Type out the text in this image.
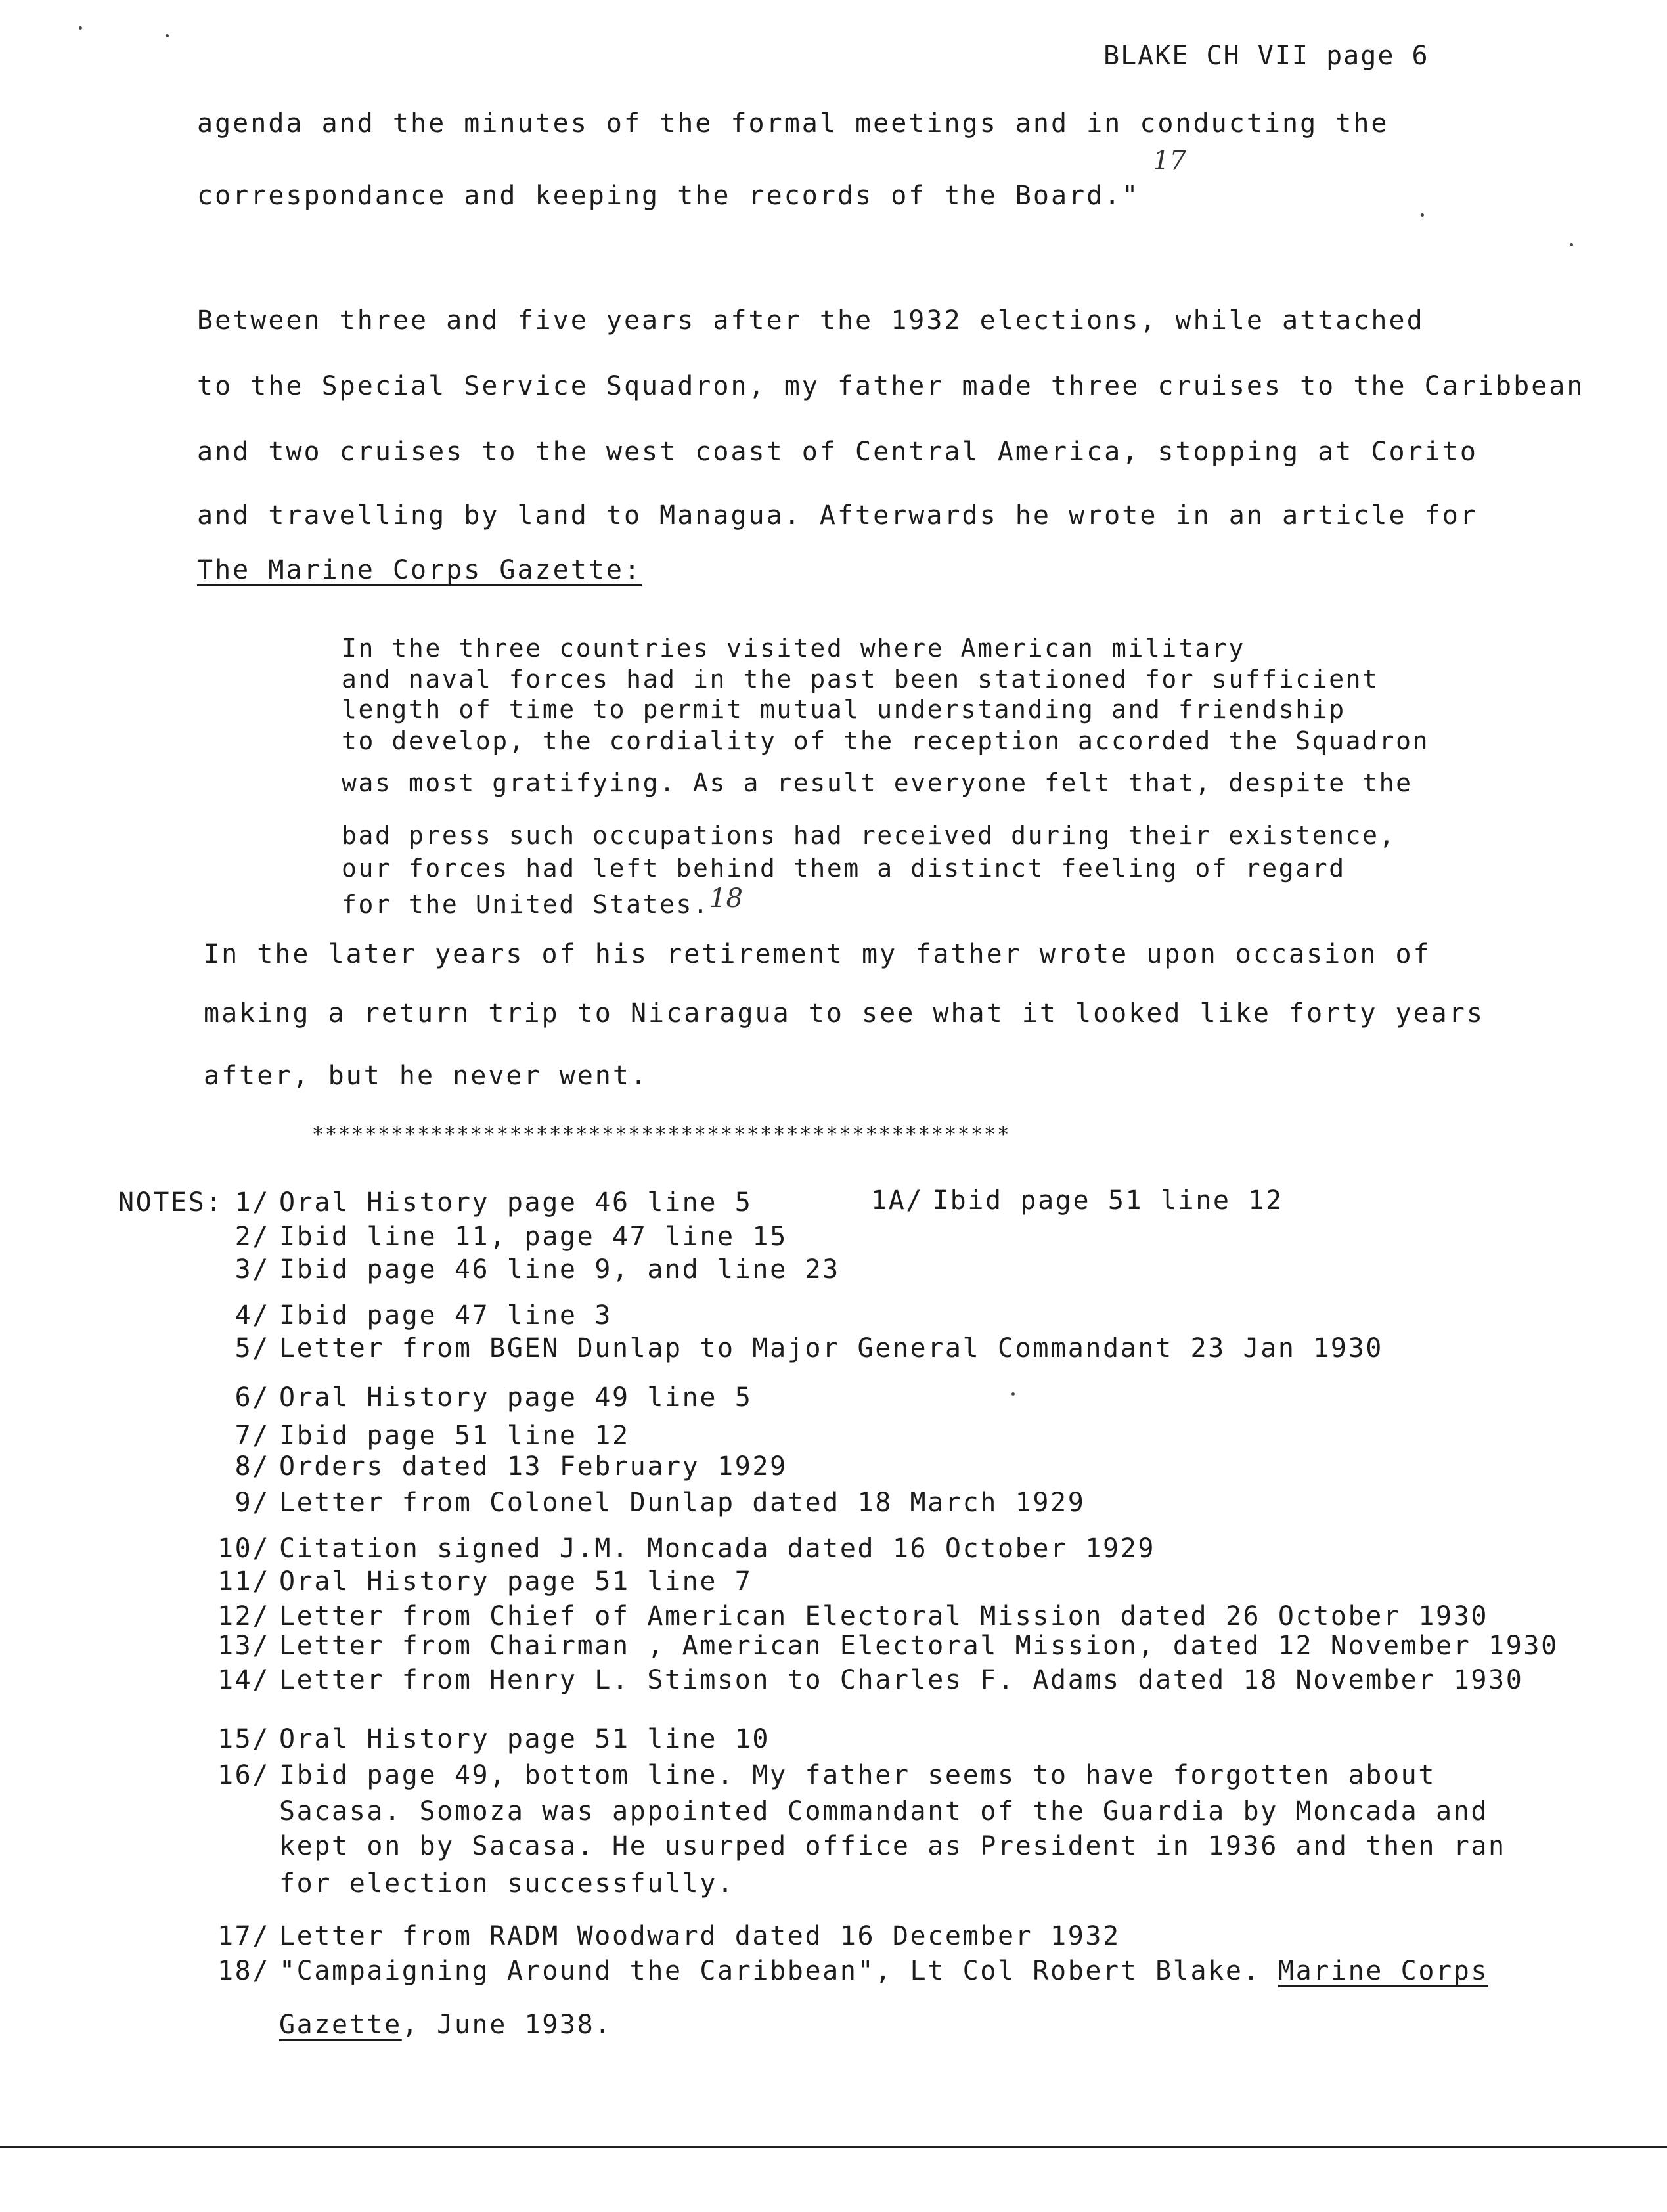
BLAKE CH VII page 6
agenda and the minutes of the formal meetings and in conducting the
correspondance and keeping the records of the Board."
17
Between three and five years after the 1932 elections, while attached
to the Special Service Squadron, my father made three cruises to the Caribbean
and two cruises to the west coast of Central America, stopping at Corito
and travelling by land to Managua. Afterwards he wrote in an article for
The Marine Corps Gazette:
In the three countries visited where American military
and naval forces had in the past been stationed for sufficient
length of time to permit mutual understanding and friendship
to develop, the cordiality of the reception accorded the Squadron
was most gratifying. As a result everyone felt that, despite the
bad press such occupations had received during their existence,
our forces had left behind them a distinct feeling of regard
for the United States. 18
In the later years of his retirement my father wrote upon occasion of
making a return trip to Nicaragua to see what it looked like forty years
after, but he never went.
*****************************************************
NOTES: 1/ Oral History page 46 line 5	1A/ Ibid page 51 line 12
2/ Ibid line 11, page 47 line 15
3/ Ibid page 46 line 9, and line 23
4/ Ibid page 47 line 3
5/ Letter from BGEN Dunlap to Major General Commandant 23 Jan 1930
6/ Oral History page 49 line 5
7/ Ibid page 51 line 12
8/ Orders dated 13 February 1929
9/ Letter from Colonel Dunlap dated 18 March 1929
10/ Citation signed J.M. Moncada dated 16 October 1929
11/ Oral History page 51 line 7
12/ Letter from Chief of American Electoral Mission dated 26 October 1930
13/ Letter from Chairman , American Electoral Mission, dated 12 November 1930
14/ Letter from Henry L. Stimson to Charles F. Adams dated 18 November 1930
15/ Oral History page 51 line 10
16/ Ibid page 49, bottom line. My father seems to have forgotten about
Sacasa. Somoza was appointed Commandant of the Guardia by Moncada and
kept on by Sacasa. He usurped office as President in 1936 and then ran
for election successfully.
17/ Letter from RADM Woodward dated 16 December 1932
18/ "Campaigning Around the Caribbean", Lt Col Robert Blake. Marine Corps
Gazette, June 1938.
